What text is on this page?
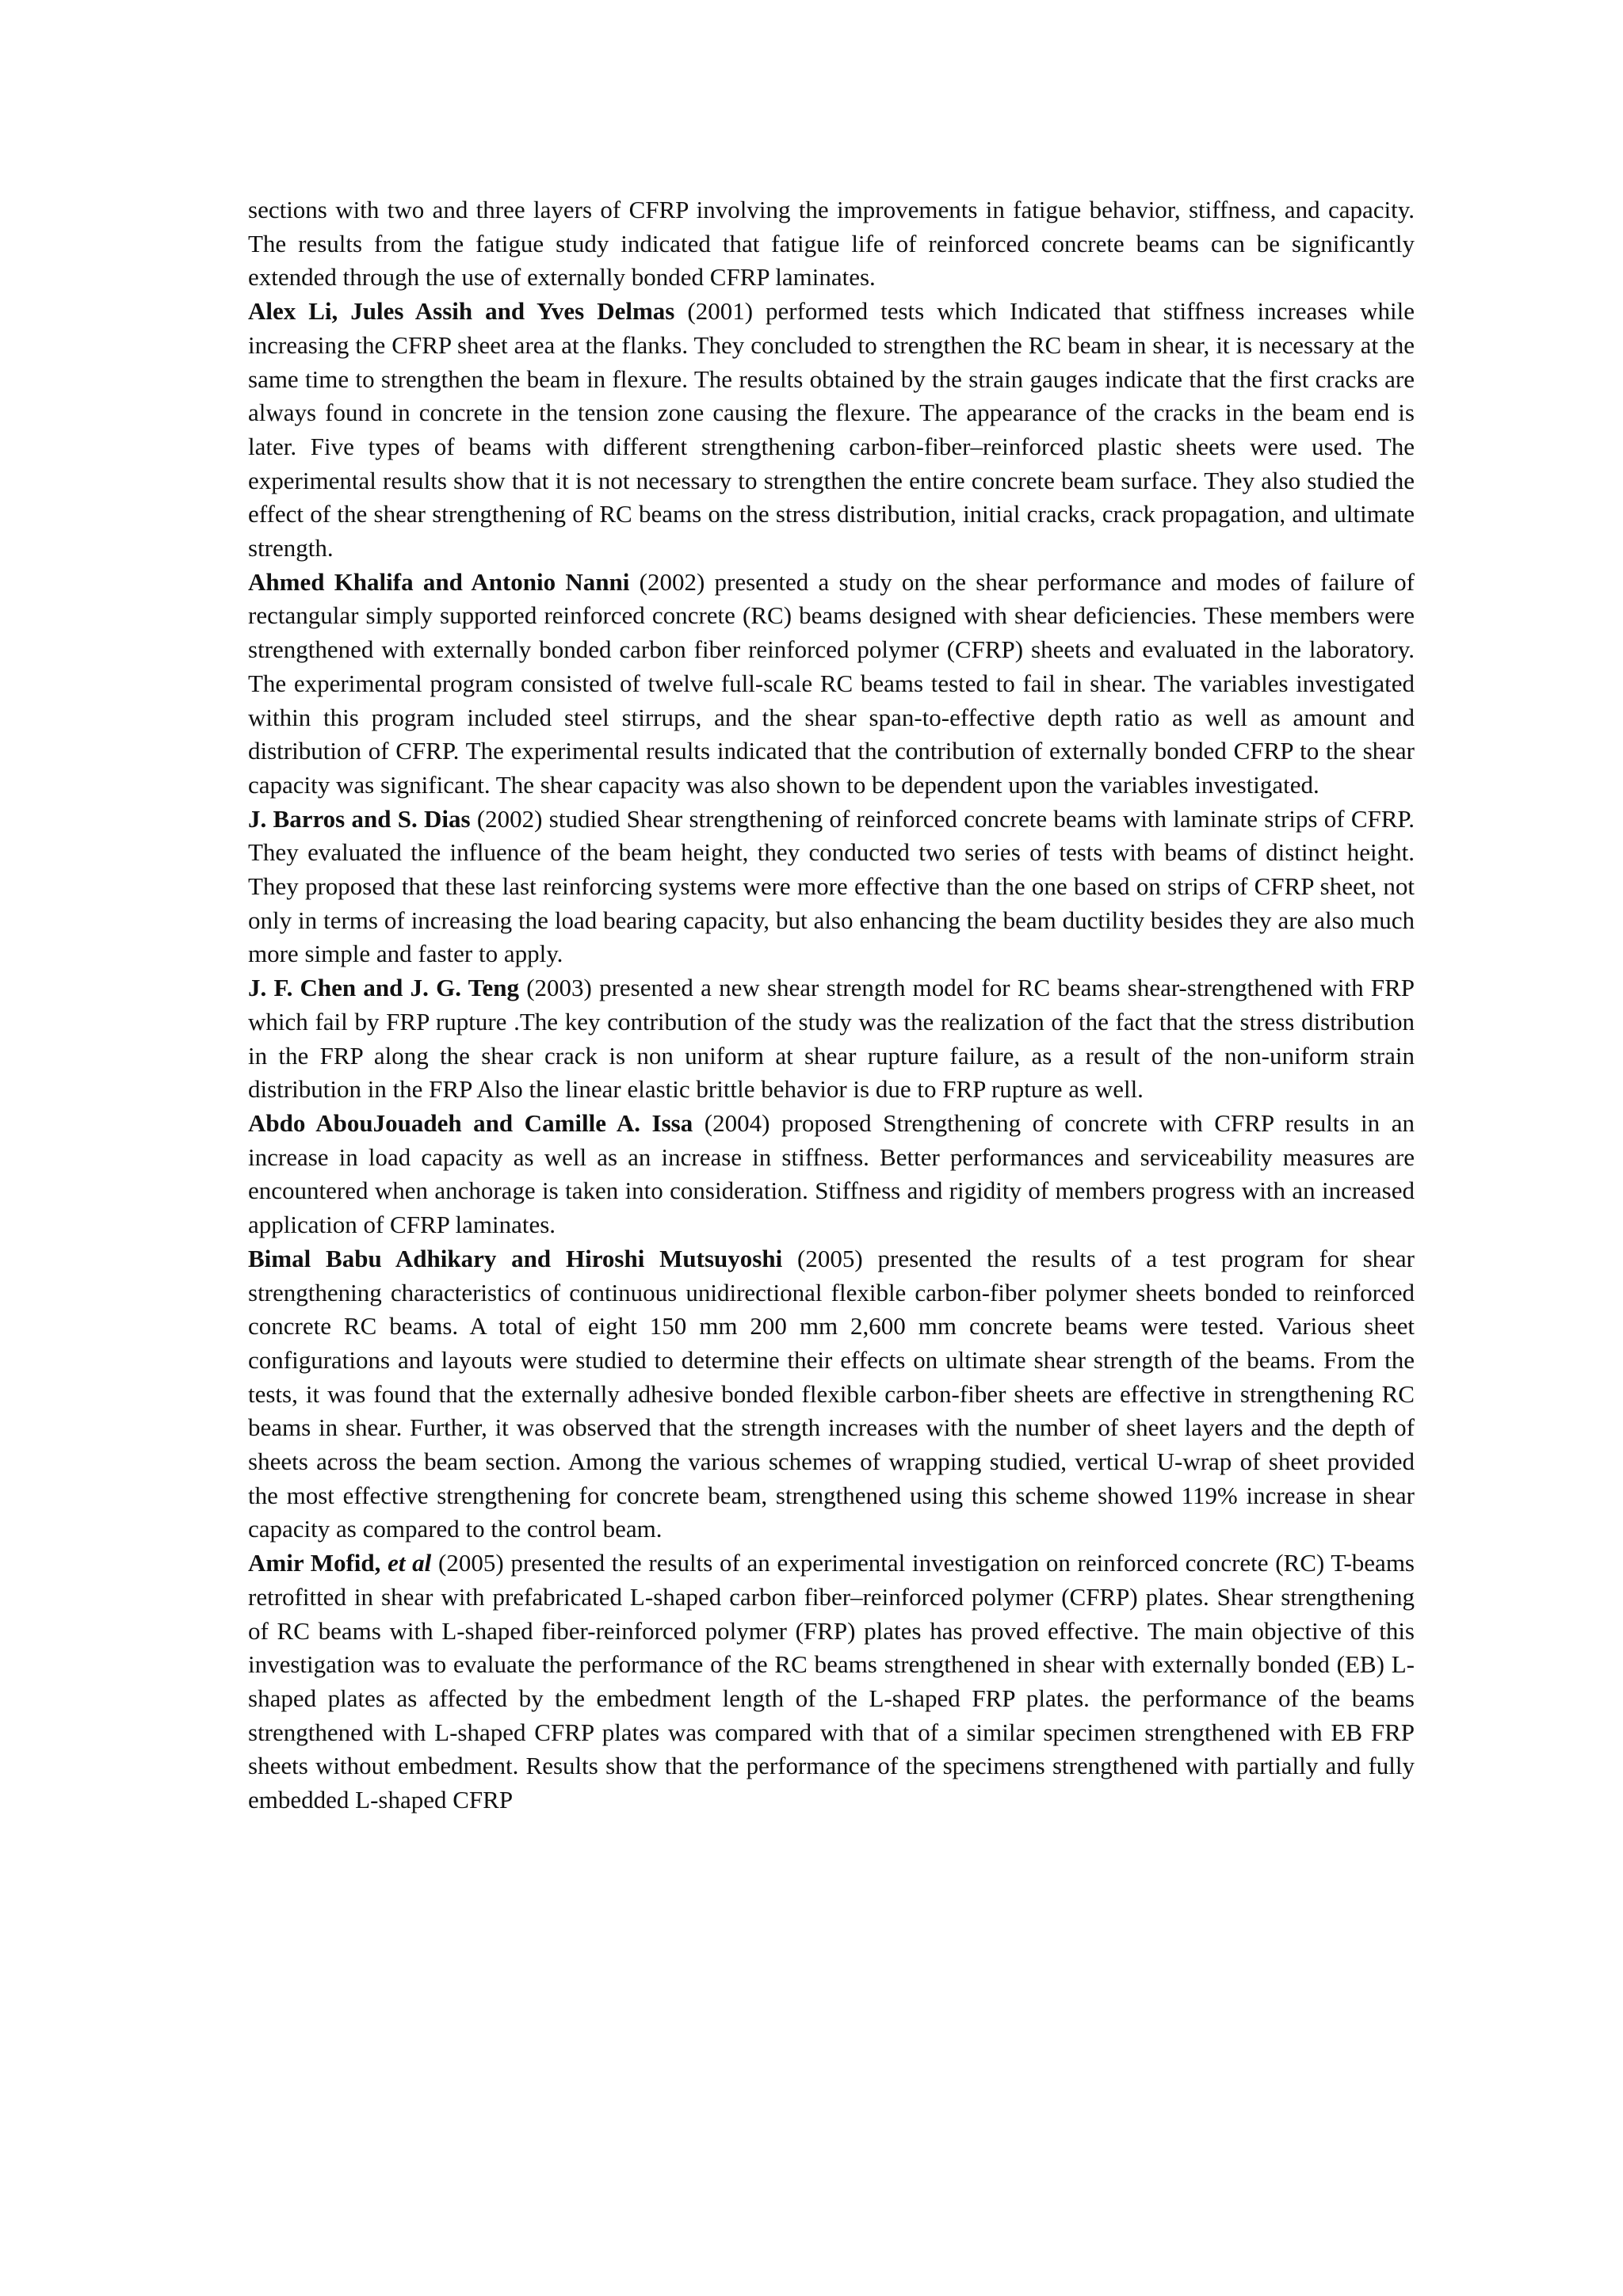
sections with two and three layers of CFRP involving the improvements in fatigue behavior, stiffness, and capacity. The results from the fatigue study indicated that fatigue life of reinforced concrete beams can be significantly extended through the use of externally bonded CFRP laminates.

Alex Li, Jules Assih and Yves Delmas (2001) performed tests which Indicated that stiffness increases while increasing the CFRP sheet area at the flanks. They concluded to strengthen the RC beam in shear, it is necessary at the same time to strengthen the beam in flexure. The results obtained by the strain gauges indicate that the first cracks are always found in concrete in the tension zone causing the flexure. The appearance of the cracks in the beam end is later. Five types of beams with different strengthening carbon-fiber–reinforced plastic sheets were used. The experimental results show that it is not necessary to strengthen the entire concrete beam surface. They also studied the effect of the shear strengthening of RC beams on the stress distribution, initial cracks, crack propagation, and ultimate strength.

Ahmed Khalifa and Antonio Nanni (2002) presented a study on the shear performance and modes of failure of rectangular simply supported reinforced concrete (RC) beams designed with shear deficiencies. These members were strengthened with externally bonded carbon fiber reinforced polymer (CFRP) sheets and evaluated in the laboratory. The experimental program consisted of twelve full-scale RC beams tested to fail in shear. The variables investigated within this program included steel stirrups, and the shear span-to-effective depth ratio as well as amount and distribution of CFRP. The experimental results indicated that the contribution of externally bonded CFRP to the shear capacity was significant. The shear capacity was also shown to be dependent upon the variables investigated.

J. Barros and S. Dias (2002) studied Shear strengthening of reinforced concrete beams with laminate strips of CFRP. They evaluated the influence of the beam height, they conducted two series of tests with beams of distinct height. They proposed that these last reinforcing systems were more effective than the one based on strips of CFRP sheet, not only in terms of increasing the load bearing capacity, but also enhancing the beam ductility besides they are also much more simple and faster to apply.

J. F. Chen and J. G. Teng (2003) presented a new shear strength model for RC beams shear-strengthened with FRP which fail by FRP rupture .The key contribution of the study was the realization of the fact that the stress distribution in the FRP along the shear crack is non uniform at shear rupture failure, as a result of the non-uniform strain distribution in the FRP Also the linear elastic brittle behavior is due to FRP rupture as well.

Abdo AbouJouadeh and Camille A. Issa (2004) proposed Strengthening of concrete with CFRP results in an increase in load capacity as well as an increase in stiffness. Better performances and serviceability measures are encountered when anchorage is taken into consideration. Stiffness and rigidity of members progress with an increased application of CFRP laminates.

Bimal Babu Adhikary and Hiroshi Mutsuyoshi (2005) presented the results of a test program for shear strengthening characteristics of continuous unidirectional flexible carbon-fiber polymer sheets bonded to reinforced concrete RC beams. A total of eight 150 mm 200 mm 2,600 mm concrete beams were tested. Various sheet configurations and layouts were studied to determine their effects on ultimate shear strength of the beams. From the tests, it was found that the externally adhesive bonded flexible carbon-fiber sheets are effective in strengthening RC beams in shear. Further, it was observed that the strength increases with the number of sheet layers and the depth of sheets across the beam section. Among the various schemes of wrapping studied, vertical U-wrap of sheet provided the most effective strengthening for concrete beam, strengthened using this scheme showed 119% increase in shear capacity as compared to the control beam.

Amir Mofid, et al (2005) presented the results of an experimental investigation on reinforced concrete (RC) T-beams retrofitted in shear with prefabricated L-shaped carbon fiber–reinforced polymer (CFRP) plates. Shear strengthening of RC beams with L-shaped fiber-reinforced polymer (FRP) plates has proved effective. The main objective of this investigation was to evaluate the performance of the RC beams strengthened in shear with externally bonded (EB) L-shaped plates as affected by the embedment length of the L-shaped FRP plates. the performance of the beams strengthened with L-shaped CFRP plates was compared with that of a similar specimen strengthened with EB FRP sheets without embedment. Results show that the performance of the specimens strengthened with partially and fully embedded L-shaped CFRP
